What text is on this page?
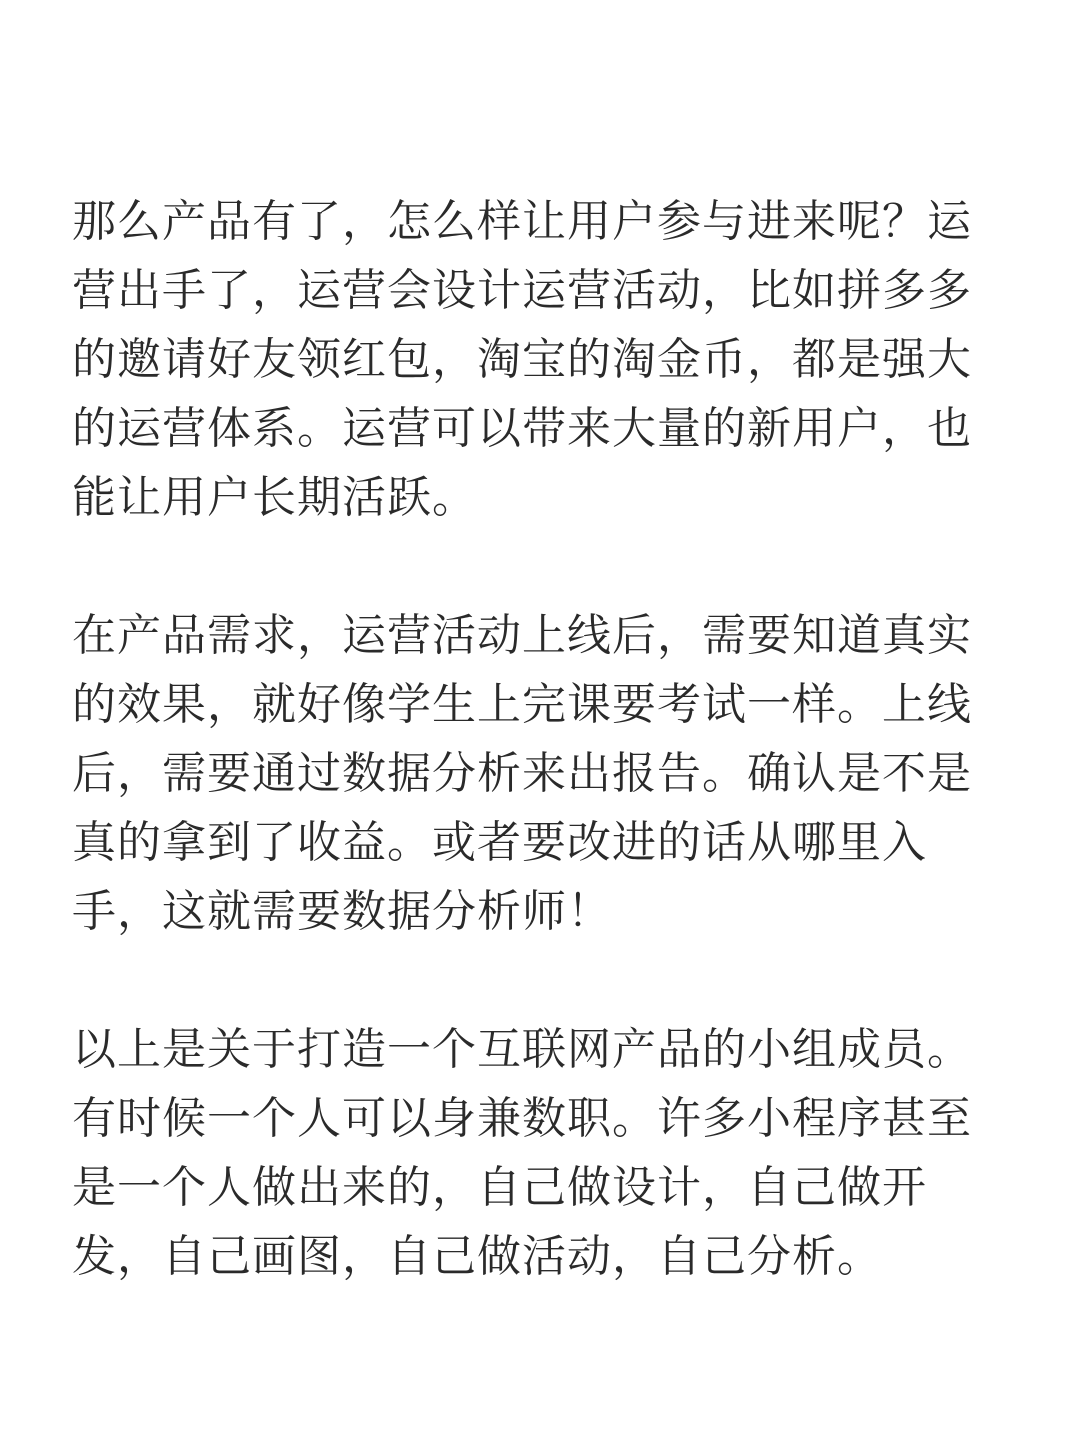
那么产品有了，怎么样让用户参与进来呢？运
营出手了，运营会设计运营活动，比如拼多多
的邀请好友领红包，淘宝的淘金币，都是强大
的运营体系。运营可以带来大量的新用户，也
能让用户长期活跃。

在产品需求，运营活动上线后，需要知道真实
的效果，就好像学生上完课要考试一样。上线
后，需要通过数据分析来出报告。确认是不是
真的拿到了收益。或者要改进的话从哪里入
手，这就需要数据分析师！

以上是关于打造一个互联网产品的小组成员。
有时候一个人可以身兼数职。许多小程序甚至
是一个人做出来的，自己做设计，自己做开
发，自己画图，自己做活动，自己分析。
